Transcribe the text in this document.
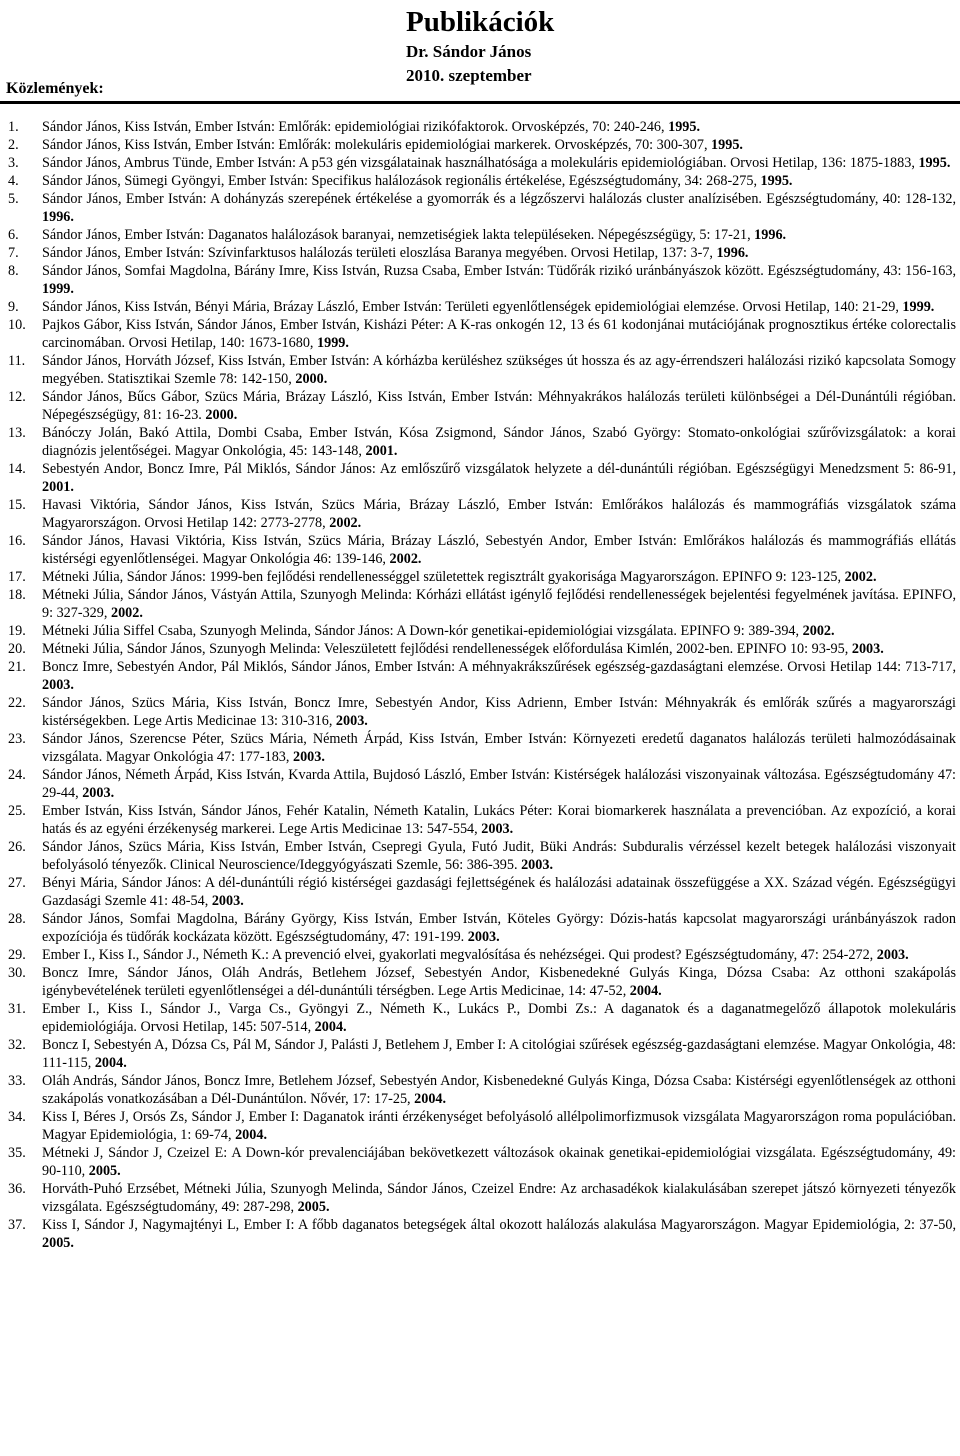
Közlemények:

Publikációk

Dr. Sándor János

2010. szeptember

1.	Sándor János, Kiss István, Ember István: Emlőrák: epidemiológiai rizikófaktorok. Orvosképzés, 70: 240-246, 1995.
2.	Sándor János, Kiss István, Ember István: Emlőrák: molekuláris epidemiológiai markerek. Orvosképzés, 70: 300-307, 1995.
3.	Sándor János, Ambrus Tünde, Ember István: A p53 gén vizsgálatainak használhatósága a molekuláris epidemiológiában. Orvosi Hetilap, 136: 1875-1883, 1995.
4.	Sándor János, Sümegi Gyöngyi, Ember István: Specifikus halálozások regionális értékelése, Egészségtudomány, 34: 268-275, 1995.
5.	Sándor János, Ember István: A dohányzás szerepének értékelése a gyomorrák és a légzőszervi halálozás cluster analízisében. Egészségtudomány, 40: 128-132, 1996.
6.	Sándor János, Ember István: Daganatos halálozások baranyai, nemzetiségiek lakta településeken. Népegészségügy, 5: 17-21, 1996.
7.	Sándor János, Ember István: Szívinfarktusos halálozás területi eloszlása Baranya megyében. Orvosi Hetilap, 137: 3-7, 1996.
8.	Sándor János, Somfai Magdolna, Bárány Imre, Kiss István, Ruzsa Csaba, Ember István: Tüdőrák rizikó uránbányászok között. Egészségtudomány, 43: 156-163, 1999.
9.	Sándor János, Kiss István, Bényi Mária, Brázay László, Ember István: Területi egyenlőtlenségek epidemiológiai elemzése. Orvosi Hetilap, 140: 21-29, 1999.
10.	Pajkos Gábor, Kiss István, Sándor János, Ember István, Kisházi Péter: A K-ras onkogén 12, 13 és 61 kodonjánai mutációjának prognosztikus értéke colorectalis carcinomában. Orvosi Hetilap, 140: 1673-1680, 1999.
11.	Sándor János, Horváth József, Kiss István, Ember István: A kórházba kerüléshez szükséges út hossza és az agy-érrendszeri halálozási rizikó kapcsolata Somogy megyében. Statisztikai Szemle 78: 142-150, 2000.
12.	Sándor János, Bűcs Gábor, Szücs Mária, Brázay László, Kiss István, Ember István: Méhnyakrákos halálozás területi különbségei a Dél-Dunántúli régióban. Népegészségügy, 81: 16-23. 2000.
13.	Bánóczy Jolán, Bakó Attila, Dombi Csaba, Ember István, Kósa Zsigmond, Sándor János, Szabó György: Stomato-onkológiai szűrővizsgálatok: a korai diagnózis jelentőségei. Magyar Onkológia, 45: 143-148, 2001.
14.	Sebestyén Andor, Boncz Imre, Pál Miklós, Sándor János: Az emlőszűrő vizsgálatok helyzete a dél-dunántúli régióban. Egészségügyi Menedzsment 5: 86-91, 2001.
15.	Havasi Viktória, Sándor János, Kiss István, Szücs Mária, Brázay László, Ember István: Emlőrákos halálozás és mammográfiás vizsgálatok száma Magyarországon. Orvosi Hetilap 142: 2773-2778, 2002.
16.	Sándor János, Havasi Viktória, Kiss István, Szücs Mária, Brázay László, Sebestyén Andor, Ember István: Emlőrákos halálozás és mammográfiás ellátás kistérségi egyenlőtlenségei. Magyar Onkológia 46: 139-146, 2002.
17.	Métneki Júlia, Sándor János: 1999-ben fejlődési rendellenességgel születettek regisztrált gyakorisága Magyarországon. EPINFO 9: 123-125, 2002.
18.	Métneki Júlia, Sándor János, Vástyán Attila, Szunyogh Melinda: Kórházi ellátást igénylő fejlődési rendellenességek bejelentési fegyelmének javítása. EPINFO, 9: 327-329, 2002.
19.	Métneki Júlia Siffel Csaba, Szunyogh Melinda, Sándor János: A Down-kór genetikai-epidemiológiai vizsgálata. EPINFO 9: 389-394, 2002.
20.	Métneki Júlia, Sándor János, Szunyogh Melinda: Veleszületett fejlődési rendellenességek előfordulása Kimlén, 2002-ben. EPINFO 10: 93-95, 2003.
21.	Boncz Imre, Sebestyén Andor, Pál Miklós, Sándor János, Ember István: A méhnyakrákszűrések egészség-gazdaságtani elemzése. Orvosi Hetilap 144: 713-717, 2003.
22.	Sándor János, Szücs Mária, Kiss István, Boncz Imre, Sebestyén Andor, Kiss Adrienn, Ember István: Méhnyakrák és emlőrák szűrés a magyarországi kistérségekben. Lege Artis Medicinae 13: 310-316, 2003.
23.	Sándor János, Szerencse Péter, Szücs Mária, Németh Árpád, Kiss István, Ember István: Környezeti eredetű daganatos halálozás területi halmozódásainak vizsgálata. Magyar Onkológia 47: 177-183, 2003.
24.	Sándor János, Németh Árpád, Kiss István, Kvarda Attila, Bujdosó László, Ember István: Kistérségek halálozási viszonyainak változása. Egészségtudomány 47: 29-44, 2003.
25.	Ember István, Kiss István, Sándor János, Fehér Katalin, Németh Katalin, Lukács Péter: Korai biomarkerek használata a prevencióban. Az expozíció, a korai hatás és az egyéni érzékenység markerei. Lege Artis Medicinae 13: 547-554, 2003.
26.	Sándor János, Szücs Mária, Kiss István, Ember István, Csepregi Gyula, Futó Judit, Büki András: Subduralis vérzéssel kezelt betegek halálozási viszonyait befolyásoló tényezők. Clinical Neuroscience/Ideggyógyászati Szemle, 56: 386-395. 2003.
27.	Bényi Mária, Sándor János: A dél-dunántúli régió kistérségei gazdasági fejlettségének és halálozási adatainak összefüggése a XX. Század végén. Egészségügyi Gazdasági Szemle 41: 48-54, 2003.
28.	Sándor János, Somfai Magdolna, Bárány György, Kiss István, Ember István, Köteles György: Dózis-hatás kapcsolat magyarországi uránbányászok radon expozíciója és tüdőrák kockázata között. Egészségtudomány, 47: 191-199. 2003.
29.	Ember I., Kiss I., Sándor J., Németh K.: A prevenció elvei, gyakorlati megvalósítása és nehézségei. Qui prodest? Egészségtudomány, 47: 254-272, 2003.
30.	Boncz Imre, Sándor János, Oláh András, Betlehem József, Sebestyén Andor, Kisbenedekné Gulyás Kinga, Dózsa Csaba: Az otthoni szakápolás igénybevételének területi egyenlőtlenségei a dél-dunántúli térségben. Lege Artis Medicinae, 14: 47-52, 2004.
31.	Ember I., Kiss I., Sándor J., Varga Cs., Gyöngyi Z., Németh K., Lukács P., Dombi Zs.: A daganatok és a daganatmegelőző állapotok molekuláris epidemiológiája. Orvosi Hetilap, 145: 507-514, 2004.
32.	Boncz I, Sebestyén A, Dózsa Cs, Pál M, Sándor J, Palásti J, Betlehem J, Ember I: A citológiai szűrések egészség-gazdaságtani elemzése. Magyar Onkológia, 48: 111-115, 2004.
33.	Oláh András, Sándor János, Boncz Imre, Betlehem József, Sebestyén Andor, Kisbenedekné Gulyás Kinga, Dózsa Csaba: Kistérségi egyenlőtlenségek az otthoni szakápolás vonatkozásában a Dél-Dunántúlon. Nővér, 17: 17-25, 2004.
34.	Kiss I, Béres J, Orsós Zs, Sándor J, Ember I: Daganatok iránti érzékenységet befolyásoló allélpolimorfizmusok vizsgálata Magyarországon roma populációban. Magyar Epidemiológia, 1: 69-74, 2004.
35.	Métneki J, Sándor J, Czeizel E: A Down-kór prevalenciájában bekövetkezett változások okainak genetikai-epidemiológiai vizsgálata. Egészségtudomány, 49: 90-110, 2005.
36.	Horváth-Puhó Erzsébet, Métneki Júlia, Szunyogh Melinda, Sándor János, Czeizel Endre: Az archasadékok kialakulásában szerepet játszó környezeti tényezők vizsgálata. Egészségtudomány, 49: 287-298, 2005.
37.	Kiss I, Sándor J, Nagymajtényi L, Ember I: A főbb daganatos betegségek által okozott halálozás alakulása Magyarországon. Magyar Epidemiológia, 2: 37-50, 2005.
